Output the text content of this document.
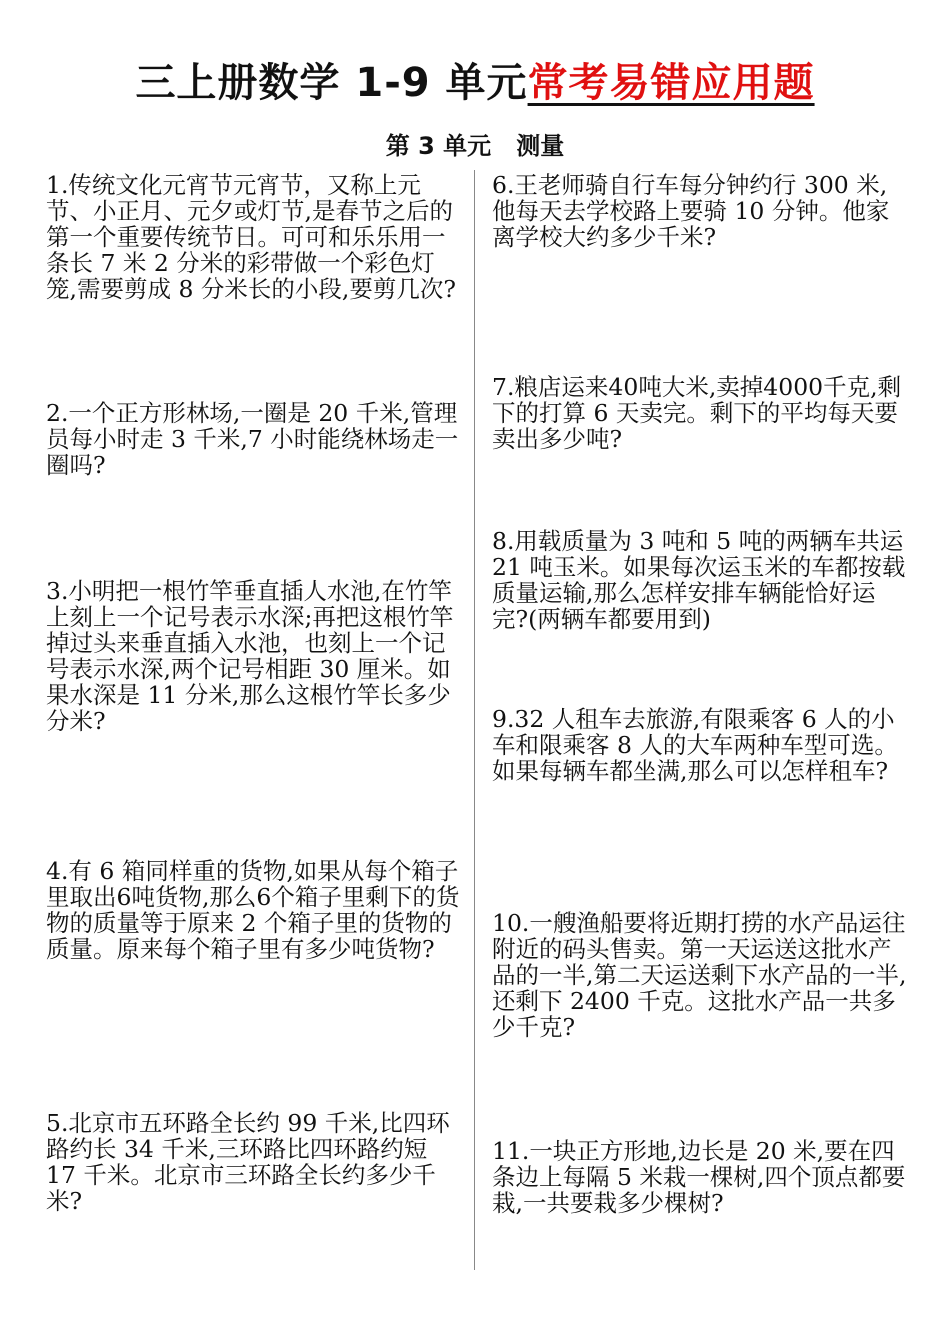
三上册数学 1-9 单元常考易错应用题
第 3 单元   测量

1.传统文化元宵节元宵节，又称上元节、小正月、元夕或灯节,是春节之后的第一个重要传统节日。可可和乐乐用一条长 7 米 2 分米的彩带做一个彩色灯笼,需要剪成 8 分米长的小段,要剪几次?

2.一个正方形林场,一圈是 20 千米,管理员每小时走 3 千米,7 小时能绕林场走一圈吗?

3.小明把一根竹竿垂直插人水池,在竹竿上刻上一个记号表示水深;再把这根竹竿掉过头来垂直插入水池，也刻上一个记号表示水深,两个记号相距 30 厘米。如果水深是 11 分米,那么这根竹竿长多少分米?

4.有 6 箱同样重的货物,如果从每个箱子里取出6吨货物,那么6个箱子里剩下的货物的质量等于原来 2 个箱子里的货物的质量。原来每个箱子里有多少吨货物?

5.北京市五环路全长约 99 千米,比四环路约长 34 千米,三环路比四环路约短 17 千米。北京市三环路全长约多少千米?

6.王老师骑自行车每分钟约行 300 米,他每天去学校路上要骑 10 分钟。他家离学校大约多少千米?

7.粮店运来40吨大米,卖掉4000千克,剩下的打算 6 天卖完。剩下的平均每天要卖出多少吨?

8.用载质量为 3 吨和 5 吨的两辆车共运 21 吨玉米。如果每次运玉米的车都按载质量运输,那么怎样安排车辆能恰好运完?(两辆车都要用到)

9.32 人租车去旅游,有限乘客 6 人的小车和限乘客 8 人的大车两种车型可选。如果每辆车都坐满,那么可以怎样租车?

10.一艘渔船要将近期打捞的水产品运往附近的码头售卖。第一天运送这批水产品的一半,第二天运送剩下水产品的一半,还剩下 2400 千克。这批水产品一共多少千克?

11.一块正方形地,边长是 20 米,要在四条边上每隔 5 米栽一棵树,四个顶点都要栽,一共要栽多少棵树?
